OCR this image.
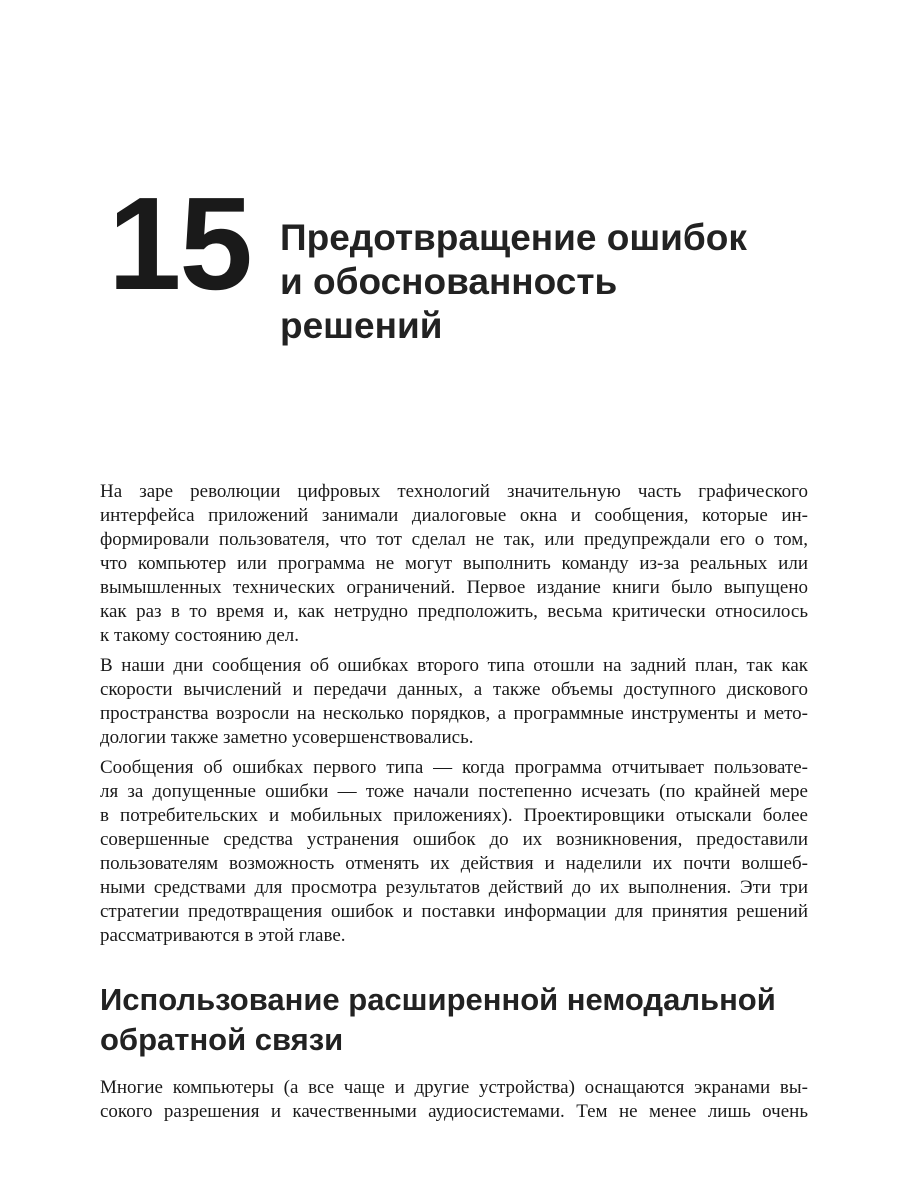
15 Предотвращение ошибок
и обоснованность
решений
На заре революции цифровых технологий значительную часть графического
интерфейса приложений занимали диалоговые окна и сообщения, которые ин-
формировали пользователя, что тот сделал не так, или предупреждали его о том,
что компьютер или программа не могут выполнить команду из-за реальных или
вымышленных технических ограничений. Первое издание книги было выпущено
как раз в то время и, как нетрудно предположить, весьма критически относилось
к такому состоянию дел.
В наши дни сообщения об ошибках второго типа отошли на задний план, так как
скорости вычислений и передачи данных, а также объемы доступного дискового
пространства возросли на несколько порядков, а программные инструменты и мето-
дологии также заметно усовершенствовались.
Сообщения об ошибках первого типа — когда программа отчитывает пользовате-
ля за допущенные ошибки — тоже начали постепенно исчезать (по крайней мере
в потребительских и мобильных приложениях). Проектировщики отыскали более
совершенные средства устранения ошибок до их возникновения, предоставили
пользователям возможность отменять их действия и наделили их почти волшеб-
ными средствами для просмотра результатов действий до их выполнения. Эти три
стратегии предотвращения ошибок и поставки информации для принятия решений
рассматриваются в этой главе.
Использование расширенной немодальной
обратной связи
Многие компьютеры (а все чаще и другие устройства) оснащаются экранами вы-
сокого разрешения и качественными аудиосистемами. Тем не менее лишь очень
